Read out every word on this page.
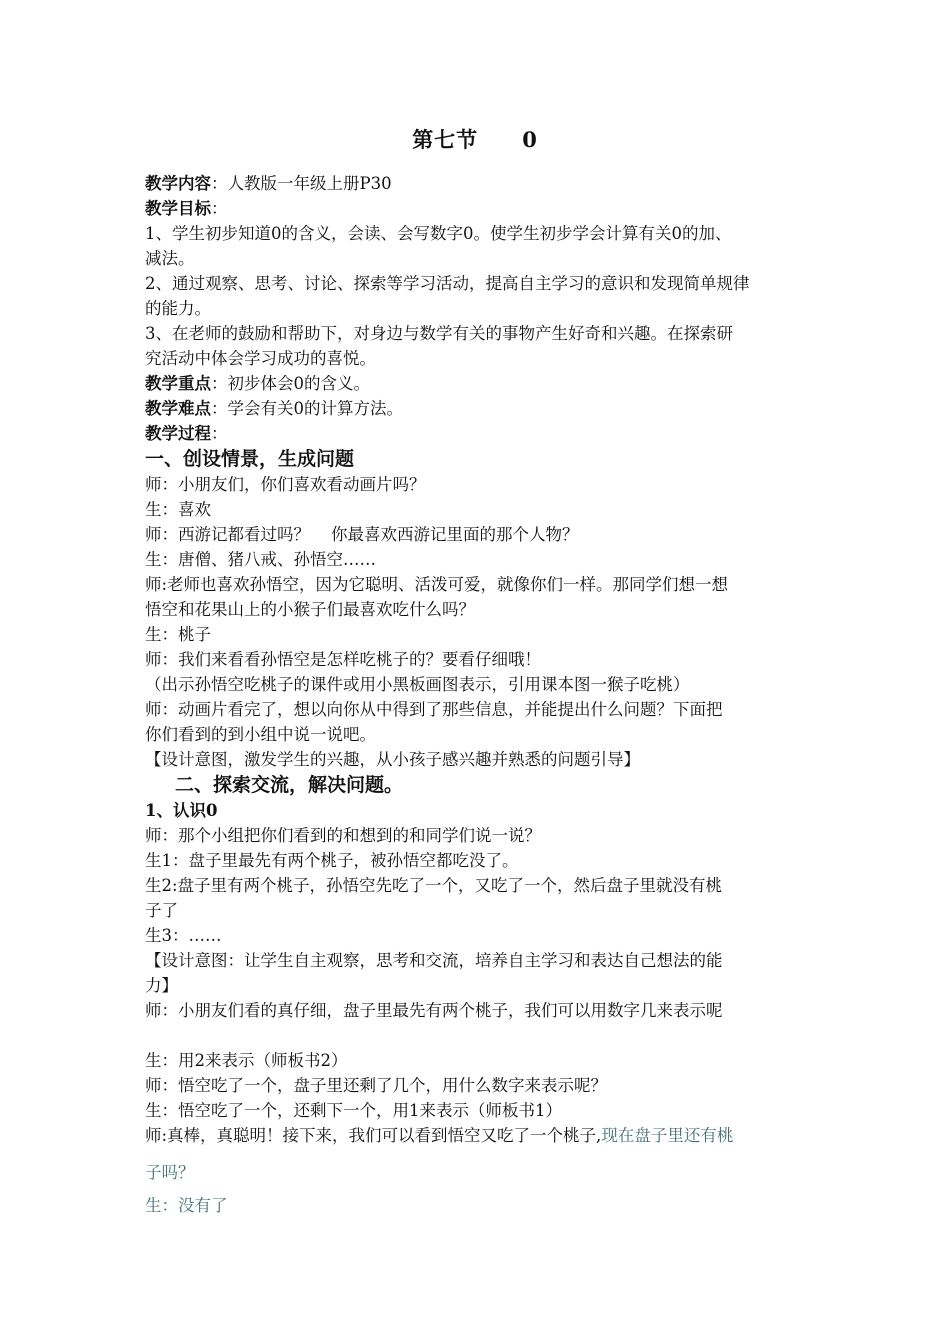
第七节 0

教学内容：人教版一年级上册P30

教学目标：

1、学生初步知道0的含义，会读、会写数字0。使学生初步学会计算有关0的加、

减法。

2、通过观察、思考、讨论、探索等学习活动，提高自主学习的意识和发现简单规律

的能力。

3、在老师的鼓励和帮助下，对身边与数学有关的事物产生好奇和兴趣。在探索研

究活动中体会学习成功的喜悦。

教学重点：初步体会0的含义。

教学难点：学会有关0的计算方法。

教学过程：

一、创设情景，生成问题

师：小朋友们，你们喜欢看动画片吗？

生：喜欢

师：西游记都看过吗？    你最喜欢西游记里面的那个人物？

生：唐僧、猪八戒、孙悟空……

师:老师也喜欢孙悟空，因为它聪明、活泼可爱，就像你们一样。那同学们想一想

悟空和花果山上的小猴子们最喜欢吃什么吗？

生：桃子

师：我们来看看孙悟空是怎样吃桃子的？要看仔细哦！

（出示孙悟空吃桃子的课件或用小黑板画图表示，引用课本图一猴子吃桃）

师：动画片看完了，想以向你从中得到了那些信息，并能提出什么问题？下面把

你们看到的到小组中说一说吧。

【设计意图，激发学生的兴趣，从小孩子感兴趣并熟悉的问题引导】

二、探索交流，解决问题。

1、认识0

师：那个小组把你们看到的和想到的和同学们说一说？

生1：盘子里最先有两个桃子，被孙悟空都吃没了。

生2:盘子里有两个桃子，孙悟空先吃了一个，又吃了一个，然后盘子里就没有桃

子了

生3：……

【设计意图：让学生自主观察，思考和交流，培养自主学习和表达自己想法的能

力】

师：小朋友们看的真仔细，盘子里最先有两个桃子，我们可以用数字几来表示呢

生：用2来表示（师板书2）

师：悟空吃了一个，盘子里还剩了几个，用什么数字来表示呢？

生：悟空吃了一个，还剩下一个，用1来表示（师板书1）

师:真棒，真聪明！接下来，我们可以看到悟空又吃了一个桃子,现在盘子里还有桃

子吗？

生：没有了
